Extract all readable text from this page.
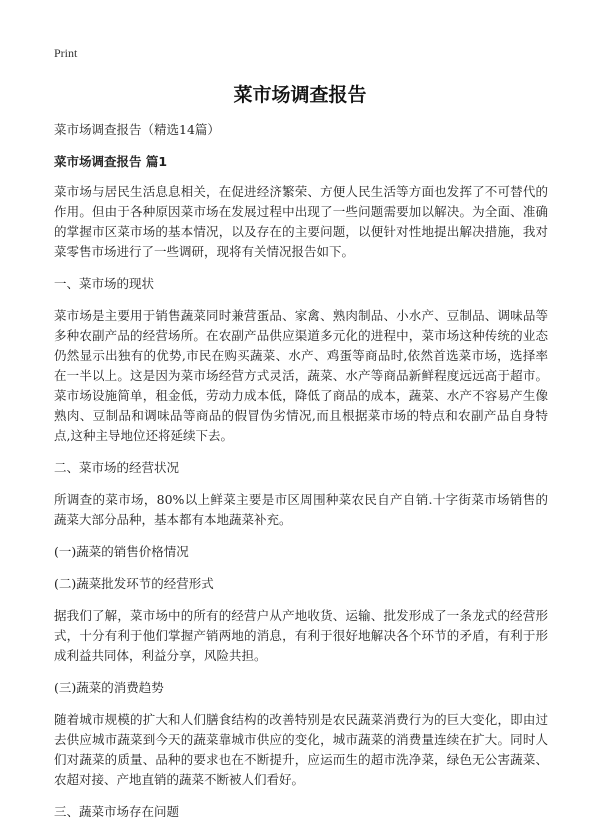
Print
菜市场调查报告
菜市场调查报告（精选14篇）
菜市场调查报告 篇1
菜市场与居民生活息息相关，在促进经济繁荣、方便人民生活等方面也发挥了不可替代的作用。但由于各种原因菜市场在发展过程中出现了一些问题需要加以解决。为全面、准确的掌握市区菜市场的基本情况，以及存在的主要问题，以便针对性地提出解决措施，我对菜零售市场进行了一些调研，现将有关情况报告如下。
一、菜市场的现状
菜市场是主要用于销售蔬菜同时兼营蛋品、家禽、熟肉制品、小水产、豆制品、调味品等多种农副产品的经营场所。在农副产品供应渠道多元化的进程中，菜市场这种传统的业态仍然显示出独有的优势,市民在购买蔬菜、水产、鸡蛋等商品时,依然首选菜市场，选择率在一半以上。这是因为菜市场经营方式灵活，蔬菜、水产等商品新鲜程度远远高于超市。菜市场设施简单，租金低，劳动力成本低，降低了商品的成本，蔬菜、水产不容易产生像熟肉、豆制品和调味品等商品的假冒伪劣情况,而且根据菜市场的特点和农副产品自身特点,这种主导地位还将延续下去。
二、菜市场的经营状况
所调查的菜市场，80%以上鲜菜主要是市区周围种菜农民自产自销.十字街菜市场销售的蔬菜大部分品种，基本都有本地蔬菜补充。
(一)蔬菜的销售价格情况
(二)蔬菜批发环节的经营形式
据我们了解，菜市场中的所有的经营户从产地收货、运输、批发形成了一条龙式的经营形式，十分有利于他们掌握产销两地的消息，有利于很好地解决各个环节的矛盾，有利于形成利益共同体，利益分享，风险共担。
(三)蔬菜的消费趋势
随着城市规模的扩大和人们膳食结构的改善特别是农民蔬菜消费行为的巨大变化，即由过去供应城市蔬菜到今天的蔬菜靠城市供应的变化，城市蔬菜的消费量连续在扩大。同时人们对蔬菜的质量、品种的要求也在不断提升，应运而生的超市洗净菜，绿色无公害蔬菜、农超对接、产地直销的蔬菜不断被人们看好。
三、蔬菜市场存在问题
